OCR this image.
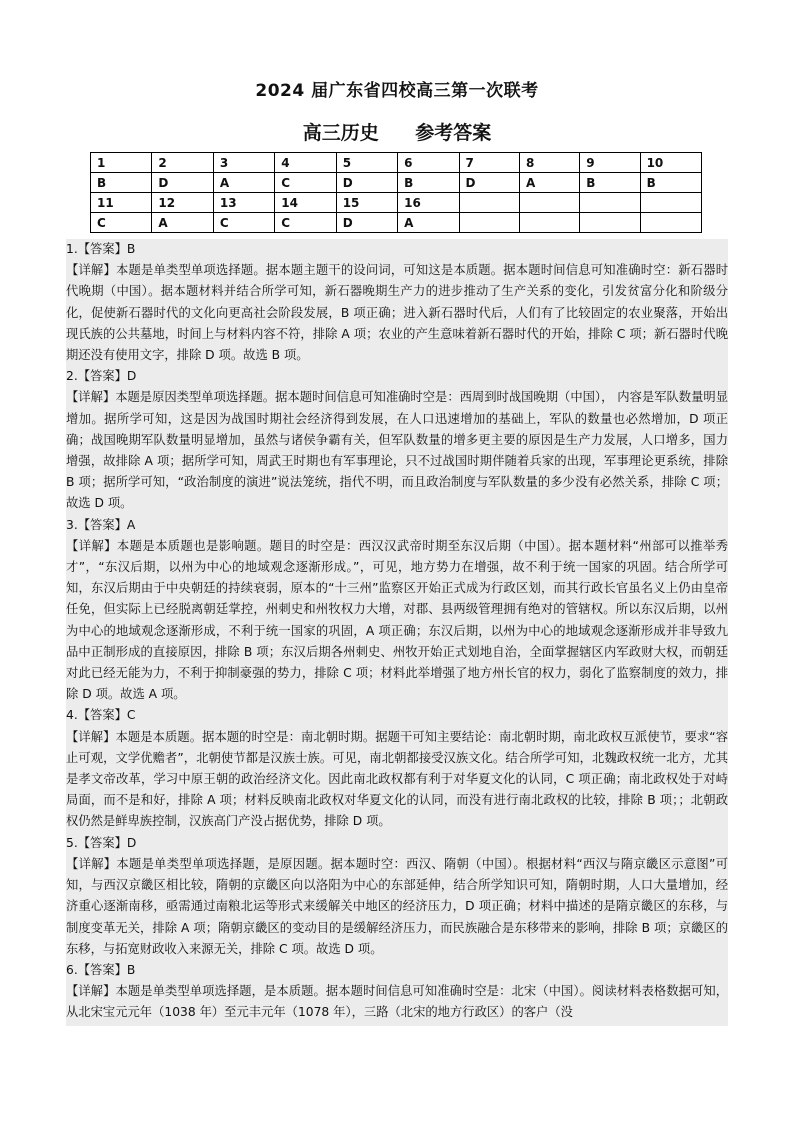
2024 届广东省四校高三第一次联考
高三历史 参考答案
1	2	3	4	5	6	7	8	9	10
B	D	A	C	D	B	D	A	B	B
11	12	13	14	15	16				
C	A	C	C	D	A				

1.【答案】B

【详解】本题是单类型单项选择题。据本题主题干的设问词，可知这是本质题。据本题时间信息可知准确时空：新石器时代晚期（中国）。据本题材料并结合所学可知，新石器晚期生产力的进步推动了生产关系的变化，引发贫富分化和阶级分化，促使新石器时代的文化向更高社会阶段发展，B 项正确；进入新石器时代后，人们有了比较固定的农业聚落，开始出现氏族的公共墓地，时间上与材料内容不符，排除 A 项；农业的产生意味着新石器时代的开始，排除 C 项；新石器时代晚期还没有使用文字，排除 D 项。故选 B 项。

2.【答案】D

【详解】本题是原因类型单项选择题。据本题时间信息可知准确时空是：西周到时战国晚期（中国）， 内容是军队数量明显增加。据所学可知，这是因为战国时期社会经济得到发展，在人口迅速增加的基础上，军队的数量也必然增加，D 项正确；战国晚期军队数量明显增加，虽然与诸侯争霸有关，但军队数量的增多更主要的原因是生产力发展，人口增多，国力增强，故排除 A 项；据所学可知，周武王时期也有军事理论，只不过战国时期伴随着兵家的出现，军事理论更系统，排除 B 项；据所学可知，“政治制度的演进”说法笼统，指代不明，而且政治制度与军队数量的多少没有必然关系，排除 C 项；故选 D 项。

3.【答案】A

【详解】本题是本质题也是影响题。题目的时空是：西汉汉武帝时期至东汉后期（中国）。据本题材料“州部可以推举秀才”，“东汉后期，以州为中心的地域观念逐渐形成。”，可见，地方势力在增强，故不利于统一国家的巩固。结合所学可知，东汉后期由于中央朝廷的持续衰弱，原本的“十三州”监察区开始正式成为行政区划，而其行政长官虽名义上仍由皇帝任免，但实际上已经脱离朝廷掌控，州刺史和州牧权力大增，对郡、县两级管理拥有绝对的管辖权。所以东汉后期，以州为中心的地域观念逐渐形成，不利于统一国家的巩固，A 项正确；东汉后期，以州为中心的地域观念逐渐形成并非导致九品中正制形成的直接原因，排除 B 项；东汉后期各州刺史、州牧开始正式划地自治，全面掌握辖区内军政财大权，而朝廷对此已经无能为力，不利于抑制豪强的势力，排除 C 项；材料此举增强了地方州长官的权力，弱化了监察制度的效力，排除 D 项。故选 A 项。

4.【答案】C

【详解】本题是本质题。据本题的时空是：南北朝时期。据题干可知主要结论：南北朝时期，南北政权互派使节，要求“容止可观，文学优赡者”，北朝使节都是汉族士族。可见，南北朝都接受汉族文化。结合所学可知，北魏政权统一北方，尤其是孝文帝改革，学习中原王朝的政治经济文化。因此南北政权都有利于对华夏文化的认同，C 项正确；南北政权处于对峙局面，而不是和好，排除 A 项；材料反映南北政权对华夏文化的认同，而没有进行南北政权的比较，排除 B 项；；北朝政权仍然是鲜卑族控制，汉族高门产没占据优势，排除 D 项。

5.【答案】D

【详解】本题是单类型单项选择题，是原因题。据本题时空：西汉、隋朝（中国）。根据材料“西汉与隋京畿区示意图”可知，与西汉京畿区相比较，隋朝的京畿区向以洛阳为中心的东部延伸，结合所学知识可知，隋朝时期，人口大量增加，经济重心逐渐南移，亟需通过南粮北运等形式来缓解关中地区的经济压力，D 项正确；材料中描述的是隋京畿区的东移，与制度变革无关，排除 A 项；隋朝京畿区的变动目的是缓解经济压力，而民族融合是东移带来的影响，排除 B 项；京畿区的东移，与拓宽财政收入来源无关，排除 C 项。故选 D 项。

6.【答案】B

【详解】本题是单类型单项选择题，是本质题。据本题时间信息可知准确时空是：北宋（中国）。阅读材料表格数据可知，从北宋宝元元年（1038 年）至元丰元年（1078 年），三路（北宋的地方行政区）的客户（没
